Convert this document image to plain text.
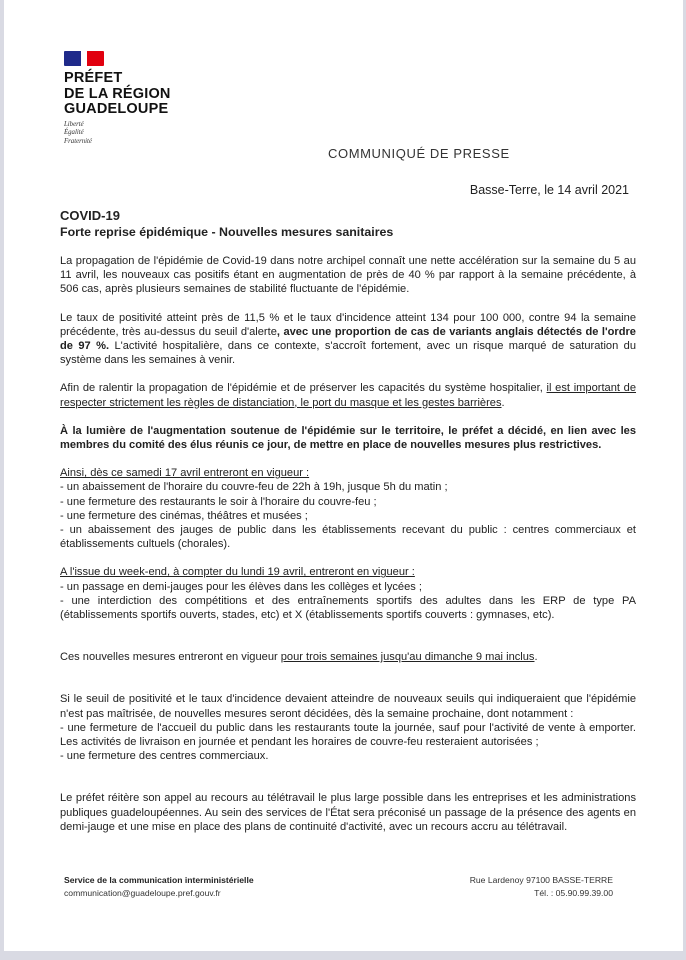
PRÉFET
DE LA RÉGION
GUADELOUPE
Liberté
Égalité
Fraternité
COMMUNIQUÉ DE PRESSE
Basse-Terre, le 14 avril 2021
COVID-19
Forte reprise épidémique - Nouvelles mesures sanitaires

La propagation de l'épidémie de Covid-19 dans notre archipel connaît une nette accélération sur la semaine du 5 au 11 avril, les nouveaux cas positifs étant en augmentation de près de 40 % par rapport à la semaine précédente, à 506 cas, après plusieurs semaines de stabilité fluctuante de l'épidémie.

Le taux de positivité atteint près de 11,5 % et le taux d'incidence atteint 134 pour 100 000, contre 94 la semaine précédente, très au-dessus du seuil d'alerte, avec une proportion de cas de variants anglais détectés de l'ordre de 97 %. L'activité hospitalière, dans ce contexte, s'accroît fortement, avec un risque marqué de saturation du système dans les semaines à venir.

Afin de ralentir la propagation de l'épidémie et de préserver les capacités du système hospitalier, il est important de respecter strictement les règles de distanciation, le port du masque et les gestes barrières.

À la lumière de l'augmentation soutenue de l'épidémie sur le territoire, le préfet a décidé, en lien avec les membres du comité des élus réunis ce jour, de mettre en place de nouvelles mesures plus restrictives.

Ainsi, dès ce samedi 17 avril entreront en vigueur :
- un abaissement de l'horaire du couvre-feu de 22h à 19h, jusque 5h du matin ;
- une fermeture des restaurants le soir à l'horaire du couvre-feu ;
- une fermeture des cinémas, théâtres et musées ;
- un abaissement des jauges de public dans les établissements recevant du public : centres commerciaux et établissements cultuels (chorales).
A l'issue du week-end, à compter du lundi 19 avril, entreront en vigueur :
- un passage en demi-jauges pour les élèves dans les collèges et lycées ;
- une interdiction des compétitions et des entraînements sportifs des adultes dans les ERP de type PA (établissements sportifs ouverts, stades, etc) et X (établissements sportifs couverts : gymnases, etc).

Ces nouvelles mesures entreront en vigueur pour trois semaines jusqu'au dimanche 9 mai inclus.

Si le seuil de positivité et le taux d'incidence devaient atteindre de nouveaux seuils qui indiqueraient que l'épidémie n'est pas maîtrisée, de nouvelles mesures seront décidées, dès la semaine prochaine, dont notamment :
- une fermeture de l'accueil du public dans les restaurants toute la journée, sauf pour l'activité de vente à emporter. Les activités de livraison en journée et pendant les horaires de couvre-feu resteraient autorisées ;
- une fermeture des centres commerciaux.

Le préfet réitère son appel au recours au télétravail le plus large possible dans les entreprises et les administrations publiques guadeloupéennes. Au sein des services de l'État sera préconisé un passage de la présence des agents en demi-jauge et une mise en place des plans de continuité d'activité, avec un recours accru au télétravail.

Service de la communication interministérielle
communication@guadeloupe.pref.gouv.fr
Rue Lardenoy 97100 BASSE-TERRE
Tél. : 05.90.99.39.00
